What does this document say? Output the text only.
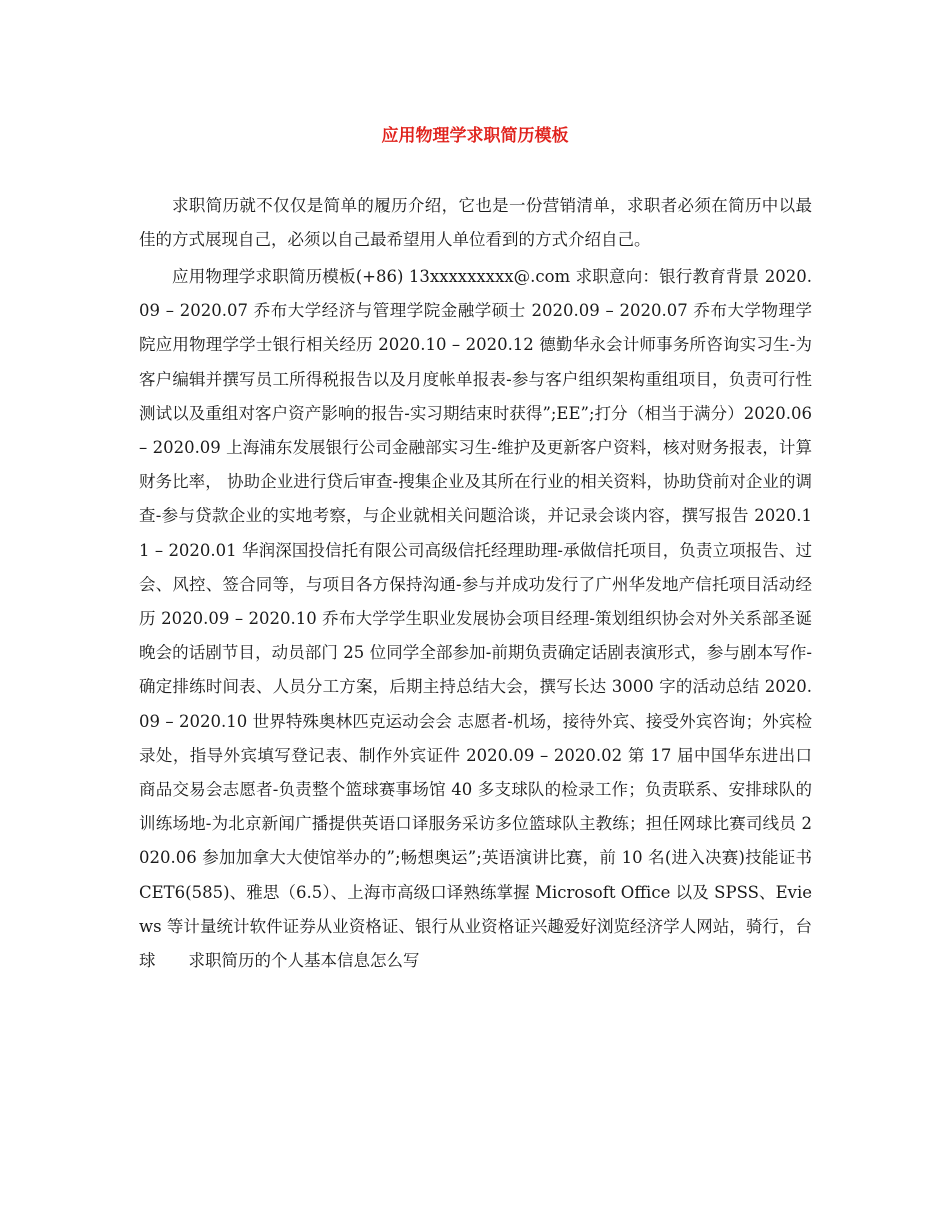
应用物理学求职简历模板

求职简历就不仅仅是简单的履历介绍，它也是一份营销清单，求职者必须在简历中以最佳的方式展现自己，必须以自己最希望用人单位看到的方式介绍自己。

应用物理学求职简历模板(+86) 13xxxxxxxxx@.com 求职意向：银行教育背景 2020.09 – 2020.07 乔布大学经济与管理学院金融学硕士 2020.09 – 2020.07 乔布大学物理学院应用物理学学士银行相关经历 2020.10 – 2020.12 德勤华永会计师事务所咨询实习生-为客户编辑并撰写员工所得税报告以及月度帐单报表-参与客户组织架构重组项目，负责可行性测试以及重组对客户资产影响的报告-实习期结束时获得”;EE”;打分（相当于满分）2020.06 – 2020.09 上海浦东发展银行公司金融部实习生-维护及更新客户资料，核对财务报表，计算财务比率， 协助企业进行贷后审查-搜集企业及其所在行业的相关资料，协助贷前对企业的调查-参与贷款企业的实地考察，与企业就相关问题洽谈，并记录会谈内容，撰写报告 2020.11 – 2020.01 华润深国投信托有限公司高级信托经理助理-承做信托项目，负责立项报告、过会、风控、签合同等，与项目各方保持沟通-参与并成功发行了广州华发地产信托项目活动经历 2020.09 – 2020.10 乔布大学学生职业发展协会项目经理-策划组织协会对外关系部圣诞晚会的话剧节目，动员部门 25 位同学全部参加-前期负责确定话剧表演形式，参与剧本写作-确定排练时间表、人员分工方案，后期主持总结大会，撰写长达 3000 字的活动总结 2020.09 – 2020.10 世界特殊奥林匹克运动会会 志愿者-机场，接待外宾、接受外宾咨询；外宾检录处，指导外宾填写登记表、制作外宾证件 2020.09 – 2020.02 第 17 届中国华东进出口商品交易会志愿者-负责整个篮球赛事场馆 40 多支球队的检录工作；负责联系、安排球队的训练场地-为北京新闻广播提供英语口译服务采访多位篮球队主教练；担任网球比赛司线员 2020.06 参加加拿大大使馆举办的”;畅想奥运”;英语演讲比赛，前 10 名(进入决赛)技能证书 CET6(585)、雅思（6.5）、上海市高级口译熟练掌握 Microsoft Office 以及 SPSS、Eviews 等计量统计软件证券从业资格证、银行从业资格证兴趣爱好浏览经济学人网站，骑行，台球　　求职简历的个人基本信息怎么写
